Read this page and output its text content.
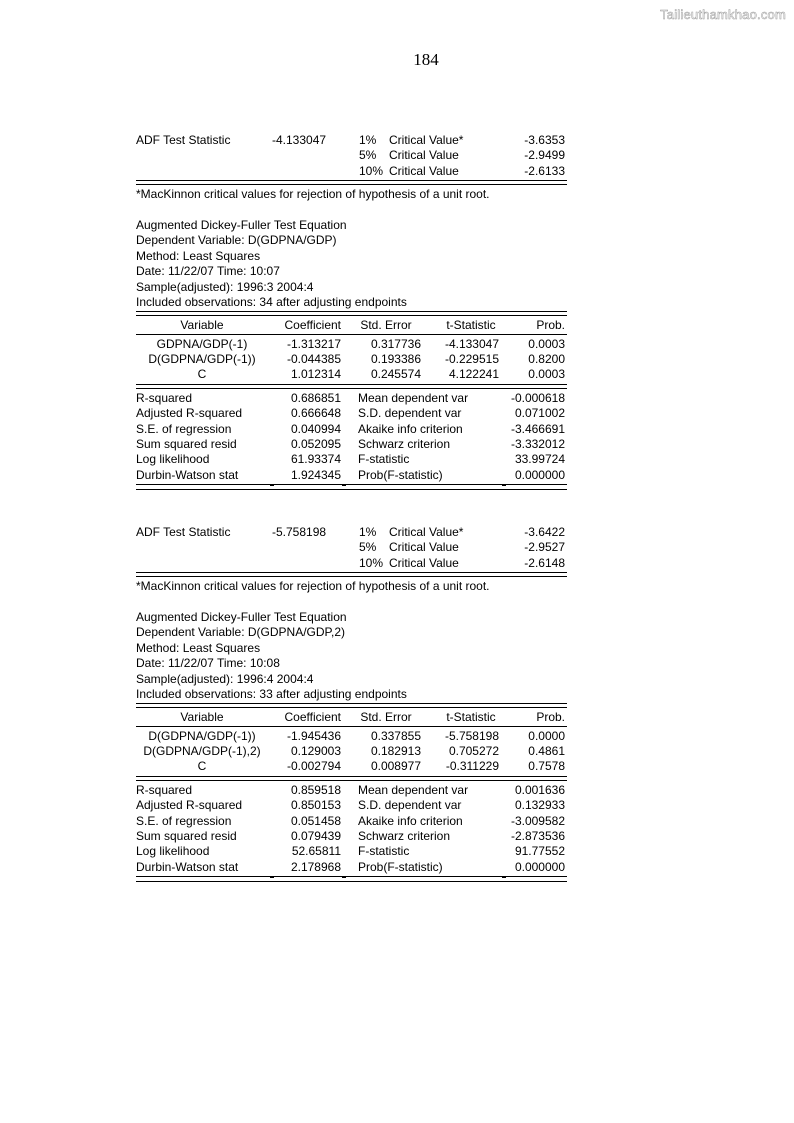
Tailieuthamkhao.com
184
ADF Test Statistic	-4.133047	1% Critical Value*	-3.6353
5% Critical Value	-2.9499
10% Critical Value	-2.6133
*MacKinnon critical values for rejection of hypothesis of a unit root.
Augmented Dickey-Fuller Test Equation
Dependent Variable: D(GDPNA/GDP)
Method: Least Squares
Date: 11/22/07 Time: 10:07
Sample(adjusted): 1996:3 2004:4
Included observations: 34 after adjusting endpoints
Variable	Coefficient	Std. Error	t-Statistic	Prob.
GDPNA/GDP(-1)	-1.313217	0.317736	-4.133047	0.0003
D(GDPNA/GDP(-1))	-0.044385	0.193386	-0.229515	0.8200
C	1.012314	0.245574	4.122241	0.0003
R-squared	0.686851 Mean dependent var	-0.000618
Adjusted R-squared	0.666648 S.D. dependent var	0.071002
S.E. of regression	0.040994 Akaike info criterion	-3.466691
Sum squared resid	0.052095 Schwarz criterion	-3.332012
Log likelihood	61.93374 F-statistic	33.99724
Durbin-Watson stat	1.924345 Prob(F-statistic)	0.000000
ADF Test Statistic	-5.758198	1% Critical Value*	-3.6422
5% Critical Value	-2.9527
10% Critical Value	-2.6148
*MacKinnon critical values for rejection of hypothesis of a unit root.
Augmented Dickey-Fuller Test Equation
Dependent Variable: D(GDPNA/GDP,2)
Method: Least Squares
Date: 11/22/07 Time: 10:08
Sample(adjusted): 1996:4 2004:4
Included observations: 33 after adjusting endpoints
Variable	Coefficient	Std. Error	t-Statistic	Prob.
D(GDPNA/GDP(-1))	-1.945436	0.337855	-5.758198	0.0000
D(GDPNA/GDP(-1),2)	0.129003	0.182913	0.705272	0.4861
C	-0.002794	0.008977	-0.311229	0.7578
R-squared	0.859518 Mean dependent var	0.001636
Adjusted R-squared	0.850153 S.D. dependent var	0.132933
S.E. of regression	0.051458 Akaike info criterion	-3.009582
Sum squared resid	0.079439 Schwarz criterion	-2.873536
Log likelihood	52.65811 F-statistic	91.77552
Durbin-Watson stat	2.178968 Prob(F-statistic)	0.000000
